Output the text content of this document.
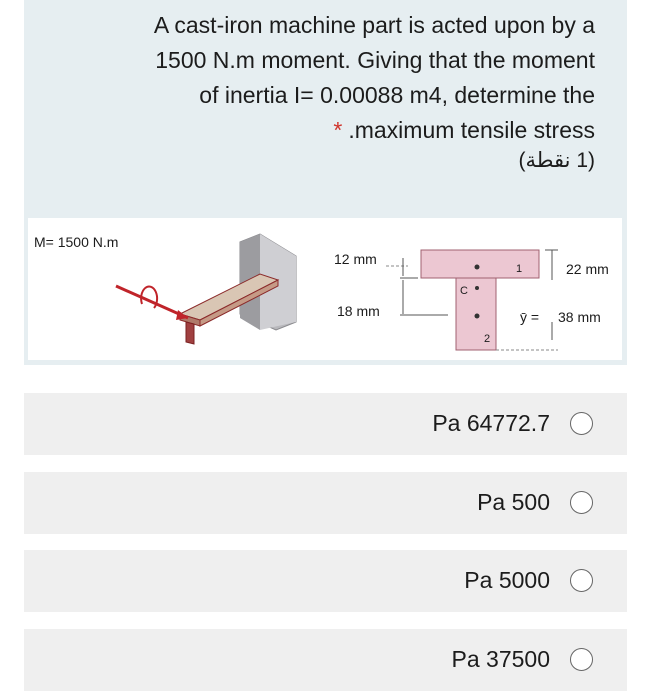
A cast-iron machine part is acted upon by a
1500 N.m moment. Giving that the moment
of inertia I= 0.00088 m4, determine the
* .maximum tensile stress
(1 نقطة)
M= 1500 N.m
12 mm
18 mm
22 mm
ȳ = 38 mm
C
1
2
Pa 64772.7
Pa 500
Pa 5000
Pa 37500
